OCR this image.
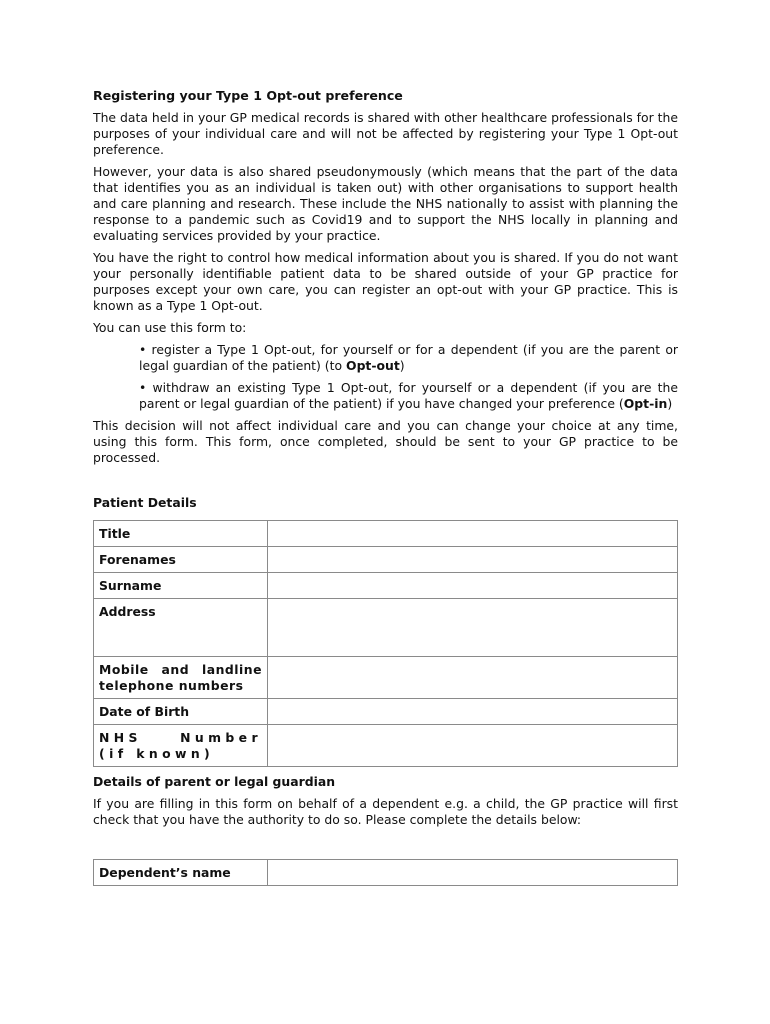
Registering your Type 1 Opt-out preference

The data held in your GP medical records is shared with other healthcare professionals for the purposes of your individual care and will not be affected by registering your Type 1 Opt-out preference.

However, your data is also shared pseudonymously (which means that the part of the data that identifies you as an individual is taken out) with other organisations to support health and care planning and research. These include the NHS nationally to assist with planning the response to a pandemic such as Covid19 and to support the NHS locally in planning and evaluating services provided by your practice.

You have the right to control how medical information about you is shared. If you do not want your personally identifiable patient data to be shared outside of your GP practice for purposes except your own care, you can register an opt-out with your GP practice. This is known as a Type 1 Opt-out.

You can use this form to:

• register a Type 1 Opt-out, for yourself or for a dependent (if you are the parent or legal guardian of the patient) (to Opt-out)

• withdraw an existing Type 1 Opt-out, for yourself or a dependent (if you are the parent or legal guardian of the patient) if you have changed your preference (Opt-in)

This decision will not affect individual care and you can change your choice at any time, using this form. This form, once completed, should be sent to your GP practice to be processed.

Patient Details

Title	
Forenames	
Surname	
Address	
Mobile and landline telephone numbers	
Date of Birth	
NHS Number (if known)	

Details of parent or legal guardian

If you are filling in this form on behalf of a dependent e.g. a child, the GP practice will first check that you have the authority to do so. Please complete the details below:

Dependent’s name	
